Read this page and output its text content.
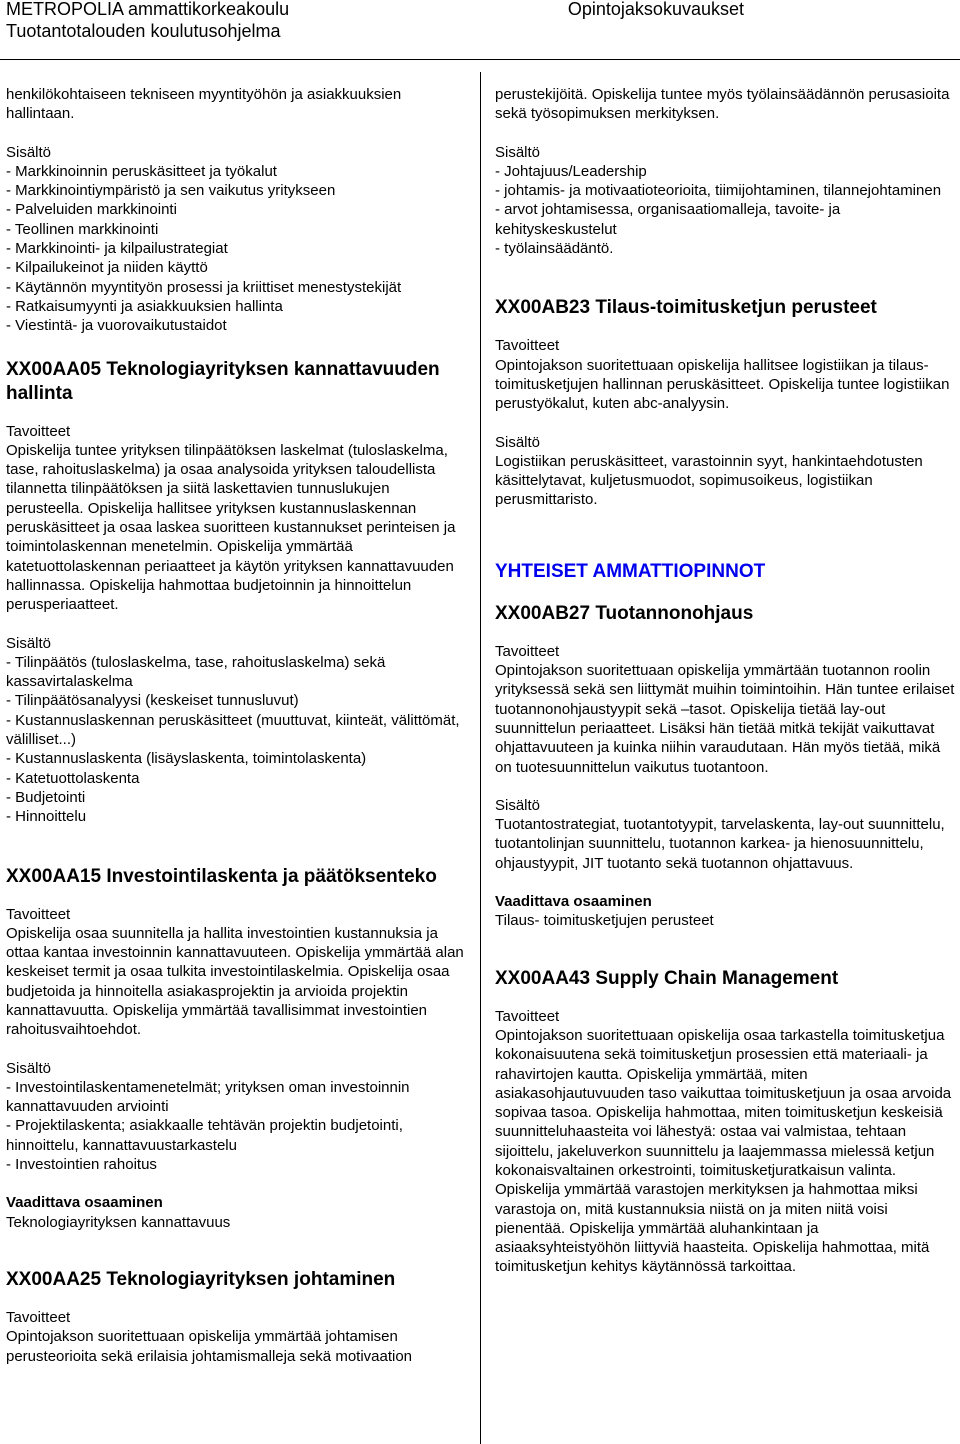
METROPOLIA ammattikorkeakoulu
Tuotantotalouden koulutusohjelma
Opintojaksokuvaukset

henkilökohtaiseen tekniseen myyntityöhön ja asiakkuuksien hallintaan.

Sisältö
- Markkinoinnin peruskäsitteet ja työkalut
- Markkinointiympäristö ja sen vaikutus yritykseen
- Palveluiden markkinointi
- Teollinen markkinointi
- Markkinointi- ja kilpailustrategiat
- Kilpailukeinot ja niiden käyttö
- Käytännön myyntityön prosessi ja kriittiset menestystekijät
- Ratkaisumyynti ja asiakkuuksien hallinta
- Viestintä- ja vuorovaikutustaidot
XX00AA05 Teknologiayrityksen kannattavuuden hallinta
Tavoitteet

Opiskelija tuntee yrityksen tilinpäätöksen laskelmat (tuloslaskelma, tase, rahoituslaskelma) ja osaa analysoida yrityksen taloudellista tilannetta tilinpäätöksen ja siitä laskettavien tunnuslukujen perusteella. Opiskelija hallitsee yrityksen kustannuslaskennan peruskäsitteet ja osaa laskea suoritteen kustannukset perinteisen ja toimintolaskennan menetelmin. Opiskelija ymmärtää katetuottolaskennan periaatteet ja käytön yrityksen kannattavuuden hallinnassa. Opiskelija hahmottaa budjetoinnin ja hinnoittelun perusperiaatteet.

Sisältö
- Tilinpäätös (tuloslaskelma, tase, rahoituslaskelma) sekä kassavirtalaskelma
- Tilinpäätösanalyysi (keskeiset tunnusluvut)
- Kustannuslaskennan peruskäsitteet (muuttuvat, kiinteät, välittömät, välilliset...)
- Kustannuslaskenta (lisäyslaskenta, toimintolaskenta)
- Katetuottolaskenta
- Budjetointi
- Hinnoittelu
XX00AA15 Investointilaskenta ja päätöksenteko
Tavoitteet

Opiskelija osaa suunnitella ja hallita investointien kustannuksia ja ottaa kantaa investoinnin kannattavuuteen. Opiskelija ymmärtää alan keskeiset termit ja osaa tulkita investointilaskelmia. Opiskelija osaa budjetoida ja hinnoitella asiakasprojektin ja arvioida projektin kannattavuutta. Opiskelija ymmärtää tavallisimmat investointien rahoitusvaihtoehdot.

Sisältö
- Investointilaskentamenetelmät; yrityksen oman investoinnin kannattavuuden arviointi
- Projektilaskenta; asiakkaalle tehtävän projektin budjetointi, hinnoittelu, kannattavuustarkastelu
- Investointien rahoitus
Vaadittava osaaminen

Teknologiayrityksen kannattavuus

XX00AA25 Teknologiayrityksen johtaminen
Tavoitteet

Opintojakson suoritettuaan opiskelija ymmärtää johtamisen perusteorioita sekä erilaisia johtamismalleja sekä motivaation

perustekijöitä. Opiskelija tuntee myös työlainsäädännön perusasioita sekä työsopimuksen merkityksen.

Sisältö
- Johtajuus/Leadership
- johtamis- ja motivaatioteorioita, tiimijohtaminen, tilannejohtaminen
- arvot johtamisessa, organisaatiomalleja, tavoite- ja kehityskeskustelut
- työlainsäädäntö.
XX00AB23 Tilaus-toimitusketjun perusteet
Tavoitteet

Opintojakson suoritettuaan opiskelija hallitsee logistiikan ja tilaus-toimitusketjujen hallinnan peruskäsitteet. Opiskelija tuntee logistiikan perustyökalut, kuten abc-analyysin.

Sisältö

Logistiikan peruskäsitteet, varastoinnin syyt, hankintaehdotusten käsittelytavat, kuljetusmuodot, sopimusoikeus, logistiikan perusmittaristo.

YHTEISET AMMATTIOPINNOT
XX00AB27 Tuotannonohjaus
Tavoitteet

Opintojakson suoritettuaan opiskelija ymmärtään tuotannon roolin yrityksessä sekä sen liittymät muihin toimintoihin. Hän tuntee erilaiset tuotannonohjaustyypit sekä –tasot. Opiskelija tietää lay-out suunnittelun periaatteet. Lisäksi hän tietää mitkä tekijät vaikuttavat ohjattavuuteen ja kuinka niihin varaudutaan. Hän myös tietää, mikä on tuotesuunnittelun vaikutus tuotantoon.

Sisältö

Tuotantostrategiat, tuotantotyypit, tarvelaskenta, lay-out suunnittelu, tuotantolinjan suunnittelu, tuotannon karkea- ja hienosuunnittelu, ohjaustyypit, JIT tuotanto sekä tuotannon ohjattavuus.

Vaadittava osaaminen

Tilaus- toimitusketjujen perusteet

XX00AA43 Supply Chain Management
Tavoitteet

Opintojakson suoritettuaan opiskelija osaa tarkastella toimitusketjua kokonaisuutena sekä toimitusketjun prosessien että materiaali- ja rahavirtojen kautta. Opiskelija ymmärtää, miten asiakasohjautuvuuden taso vaikuttaa toimitusketjuun ja osaa arvoida sopivaa tasoa. Opiskelija hahmottaa, miten toimitusketjun keskeisiä suunnitteluhaasteita voi lähestyä: ostaa vai valmistaa, tehtaan sijoittelu, jakeluverkon suunnittelu ja laajemmassa mielessä ketjun kokonaisvaltainen orkestrointi, toimitusketjuratkaisun valinta. Opiskelija ymmärtää varastojen merkityksen ja hahmottaa miksi varastoja on, mitä kustannuksia niistä on ja miten niitä voisi pienentää. Opiskelija ymmärtää aluhankintaan ja asiaaksyhteistyöhön liittyviä haasteita. Opiskelija hahmottaa, mitä toimitusketjun kehitys käytännössä tarkoittaa.
